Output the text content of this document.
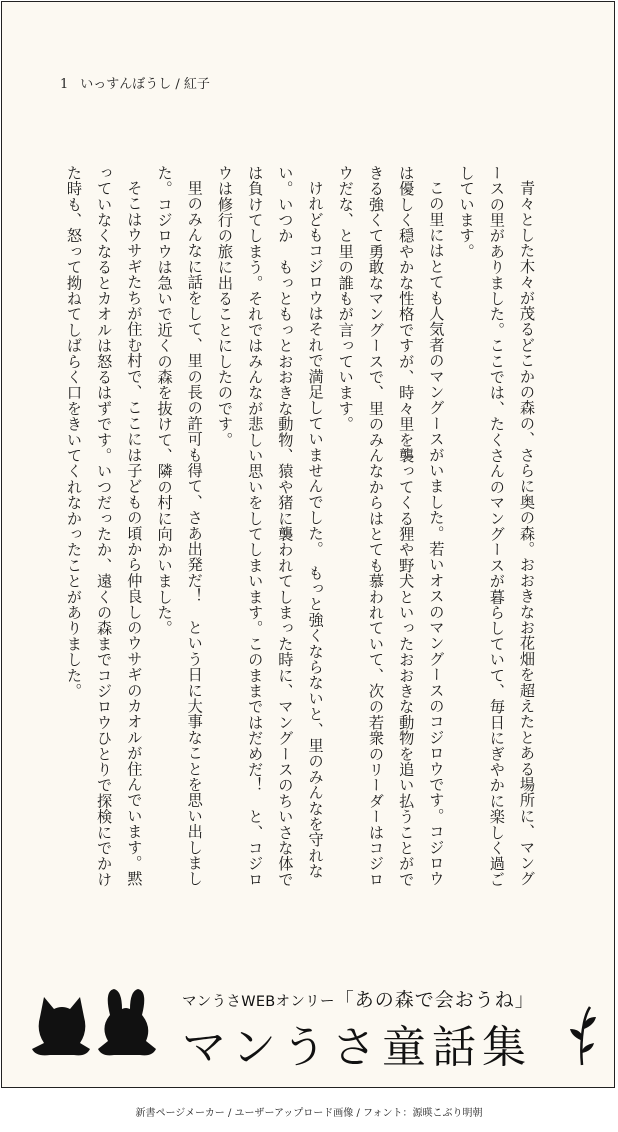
1 いっすんぼうし / 紅子

青々とした木々が茂るどこかの森の、さらに奥の森。おおきなお花畑を超えたとある場所に、マングースの里がありました。ここでは、たくさんのマングースが暮らしていて、毎日にぎやかに楽しく過ごしています。

この里にはとても人気者のマングースがいました。若いオスのマングースのコジロウです。コジロウは優しく穏やかな性格ですが、時々里を襲ってくる狸や野犬といったおおきな動物を追い払うことができる強くて勇敢なマングースで、里のみんなからはとても慕われていて、次の若衆のリーダーはコジロウだな、と里の誰もが言っています。

けれどもコジロウはそれで満足していませんでした。　もっと強くならないと、里のみんなを守れない。いつか　もっともっとおおきな動物、猿や猪に襲われてしまった時に、マングースのちいさな体では負けてしまう。それではみんなが悲しい思いをしてしまいます。このままではだめだ！　と、コジロウは修行の旅に出ることにしたのです。

里のみんなに話をして、里の長の許可も得て、さあ出発だ！　という日に大事なことを思い出しました。コジロウは急いで近くの森を抜けて、隣の村に向かいました。

そこはウサギたちが住む村で、ここには子どもの頃から仲良しのウサギのカオルが住んでいます。黙っていなくなるとカオルは怒るはずです。いつだったか、遠くの森までコジロウひとりで探検にでかけた時も、怒って拗ねてしばらく口をきいてくれなかったことがありました。

マンうさWEBオンリー「あの森で会おうね」
マンうさ童話集
新書ページメーカー / ユーザーアップロード画像 / フォント：源暎こぶり明朝
